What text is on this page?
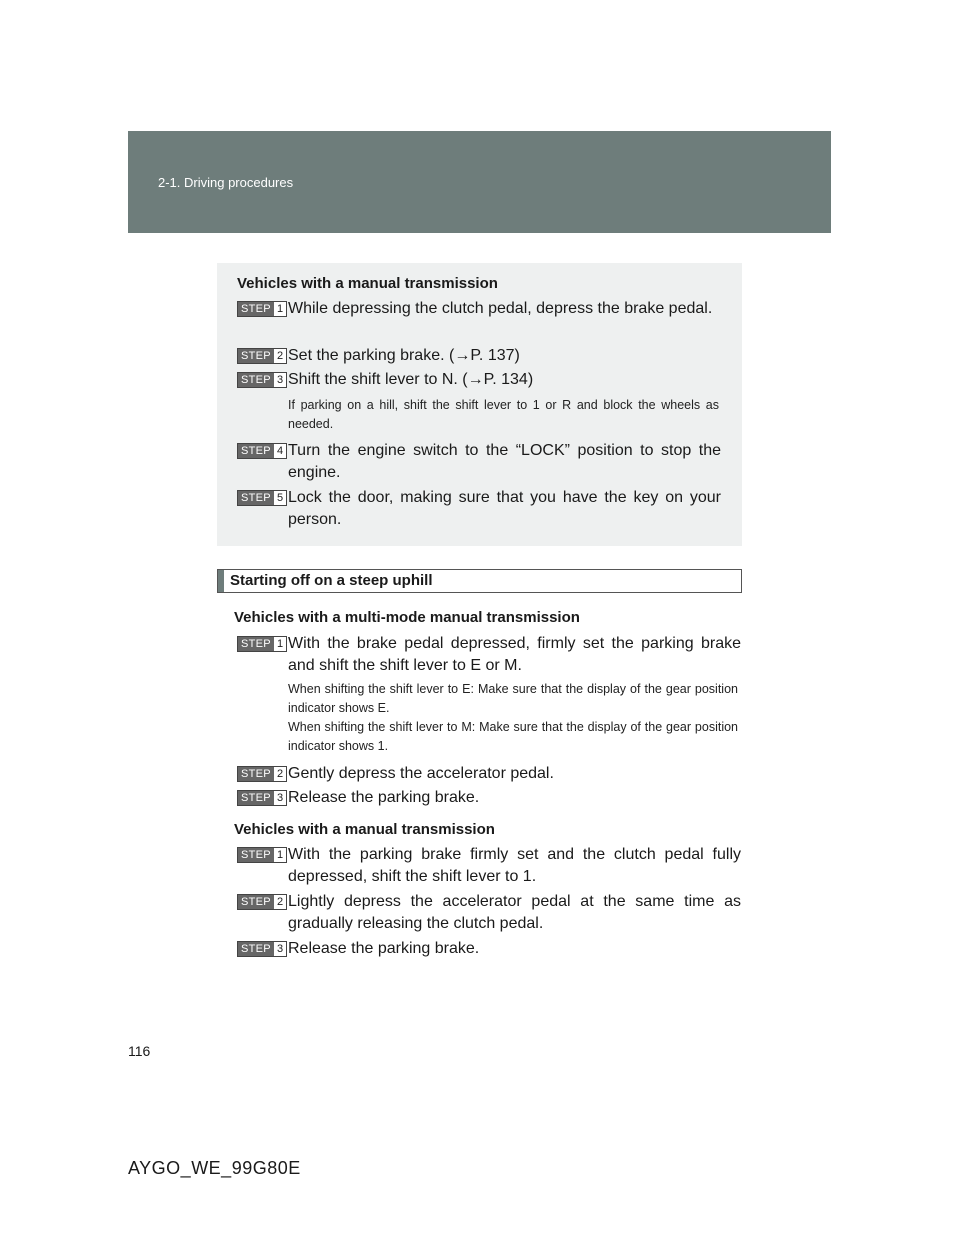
2-1. Driving procedures
Vehicles with a manual transmission
STEP 1 While depressing the clutch pedal, depress the brake pedal.
STEP 2 Set the parking brake. (→P. 137)
STEP 3 Shift the shift lever to N. (→P. 134)
If parking on a hill, shift the shift lever to 1 or R and block the wheels as needed.
STEP 4 Turn the engine switch to the “LOCK” position to stop the engine.
STEP 5 Lock the door, making sure that you have the key on your person.
Starting off on a steep uphill
Vehicles with a multi-mode manual transmission
STEP 1 With the brake pedal depressed, firmly set the parking brake and shift the shift lever to E or M.
When shifting the shift lever to E: Make sure that the display of the gear position indicator shows E.
When shifting the shift lever to M: Make sure that the display of the gear position indicator shows 1.
STEP 2 Gently depress the accelerator pedal.
STEP 3 Release the parking brake.
Vehicles with a manual transmission
STEP 1 With the parking brake firmly set and the clutch pedal fully depressed, shift the shift lever to 1.
STEP 2 Lightly depress the accelerator pedal at the same time as gradually releasing the clutch pedal.
STEP 3 Release the parking brake.
116
AYGO_WE_99G80E
